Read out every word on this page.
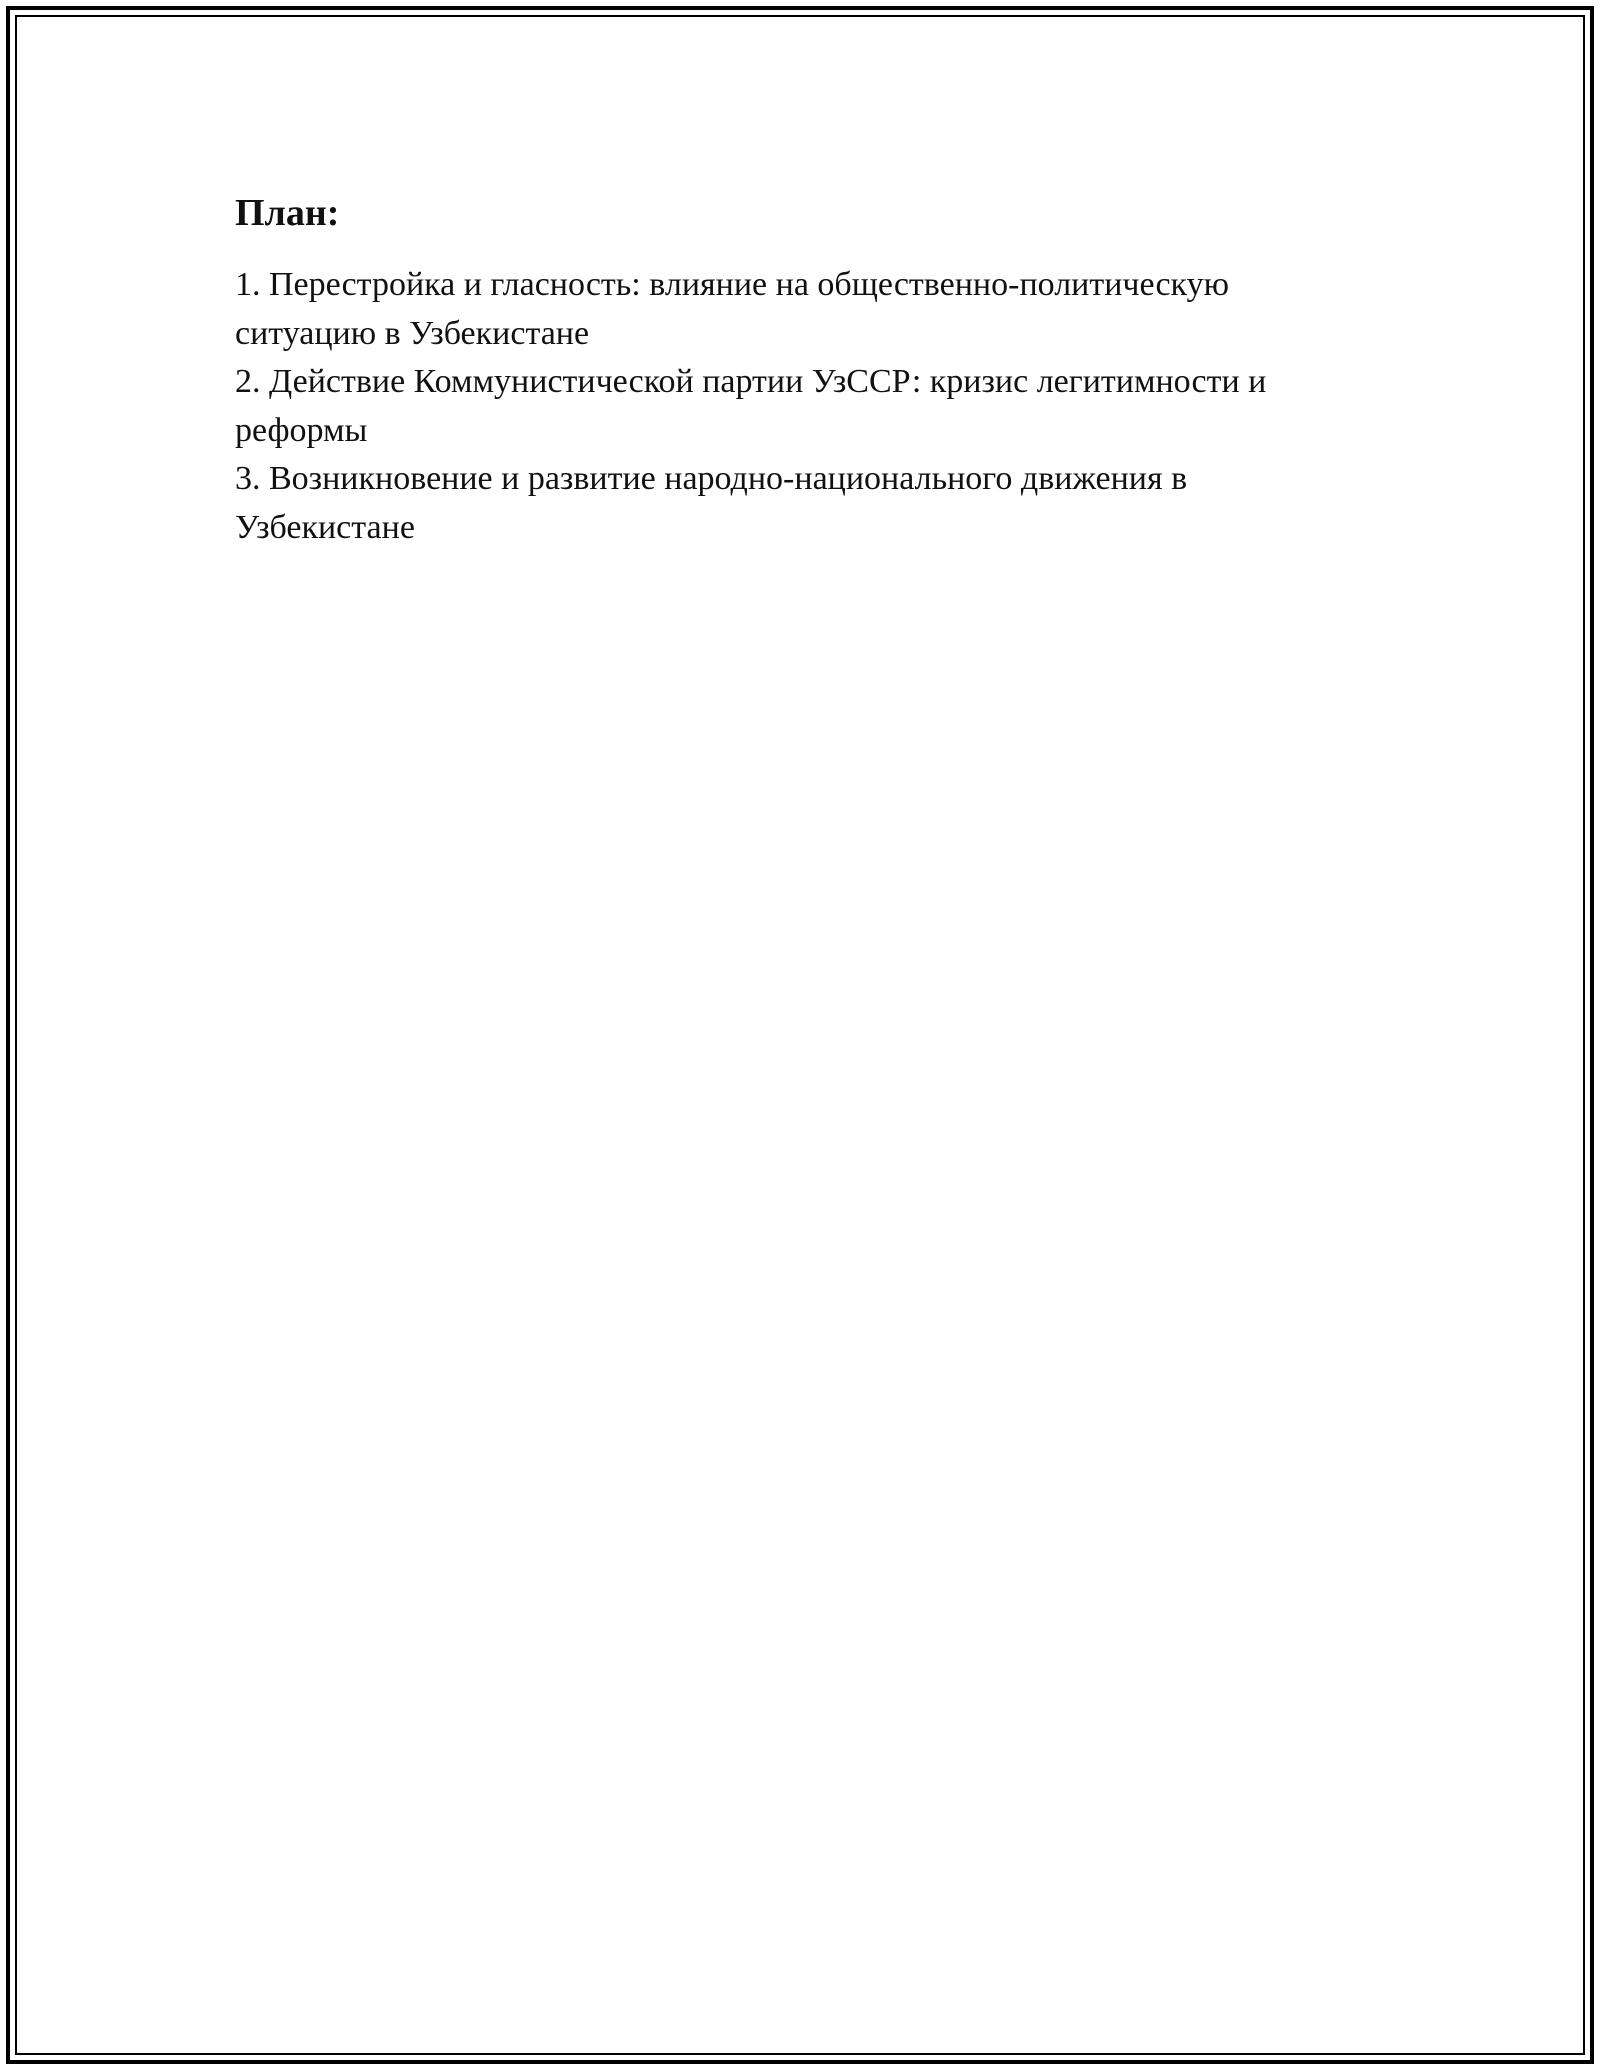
План:
1. Перестройка и гласность: влияние на общественно-политическую ситуацию в Узбекистане
2. Действие Коммунистической партии УзССР: кризис легитимности и реформы
3. Возникновение и развитие народно-национального движения в Узбекистане
